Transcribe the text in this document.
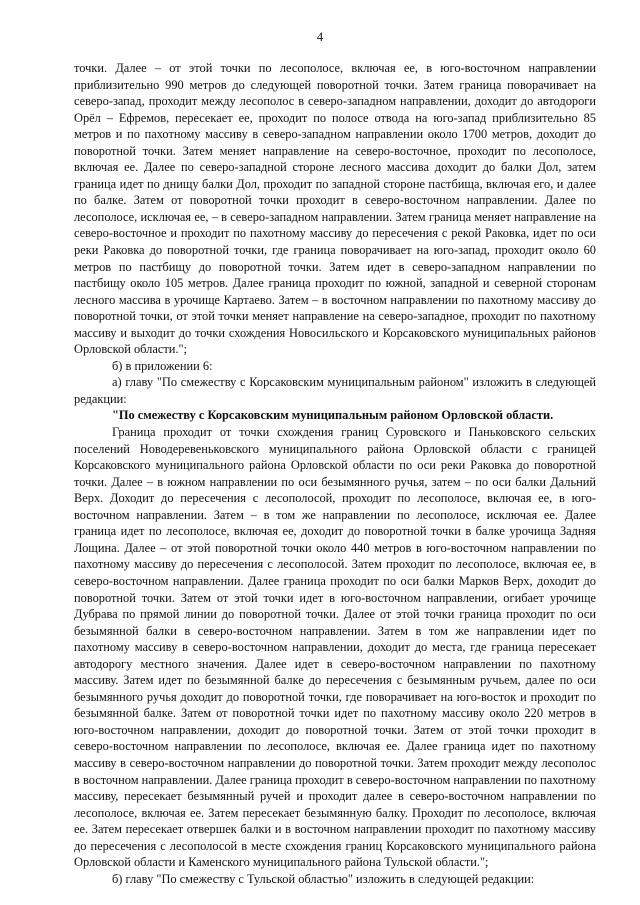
4

точки. Далее – от этой точки по лесополосе, включая ее, в юго-восточном направлении приблизительно 990 метров до следующей поворотной точки. Затем граница поворачивает на северо-запад, проходит между лесополос в северо-западном направлении, доходит до автодороги Орёл – Ефремов, пересекает ее, проходит по полосе отвода на юго-запад приблизительно 85 метров и по пахотному массиву в северо-западном направлении около 1700 метров, доходит до поворотной точки. Затем меняет направление на северо-восточное, проходит по лесополосе, включая ее. Далее по северо-западной стороне лесного массива доходит до балки Дол, затем граница идет по днищу балки Дол, проходит по западной стороне пастбища, включая его, и далее по балке. Затем от поворотной точки проходит в северо-восточном направлении. Далее по лесополосе, исключая ее, – в северо-западном направлении. Затем граница меняет направление на северо-восточное и проходит по пахотному массиву до пересечения с рекой Раковка, идет по оси реки Раковка до поворотной точки, где граница поворачивает на юго-запад, проходит около 60 метров по пастбищу до поворотной точки. Затем идет в северо-западном направлении по пастбищу около 105 метров. Далее граница проходит по южной, западной и северной сторонам лесного массива в урочище Картаево. Затем – в восточном направлении по пахотному массиву до поворотной точки, от этой точки меняет направление на северо-западное, проходит по пахотному массиву и выходит до точки схождения Новосильского и Корсаковского муниципальных районов Орловской области.";

б) в приложении 6:

а) главу "По смежеству с Корсаковским муниципальным районом" изложить в следующей редакции:

"По смежеству с Корсаковским муниципальным районом Орловской области.

Граница проходит от точки схождения границ Суровского и Паньковского сельских поселений Новодеревеньковского муниципального района Орловской области с границей Корсаковского муниципального района Орловской области по оси реки Раковка до поворотной точки. Далее – в южном направлении по оси безымянного ручья, затем – по оси балки Дальний Верх. Доходит до пересечения с лесополосой, проходит по лесополосе, включая ее, в юго-восточном направлении. Затем – в том же направлении по лесополосе, исключая ее. Далее граница идет по лесополосе, включая ее, доходит до поворотной точки в балке урочища Задняя Лощина. Далее – от этой поворотной точки около 440 метров в юго-восточном направлении по пахотному массиву до пересечения с лесополосой. Затем проходит по лесополосе, включая ее, в северо-восточном направлении. Далее граница проходит по оси балки Марков Верх, доходит до поворотной точки. Затем от этой точки идет в юго-восточном направлении, огибает урочище Дубрава по прямой линии до поворотной точки. Далее от этой точки граница проходит по оси безымянной балки в северо-восточном направлении. Затем в том же направлении идет по пахотному массиву в северо-восточном направлении, доходит до места, где граница пересекает автодорогу местного значения. Далее идет в северо-восточном направлении по пахотному массиву. Затем идет по безымянной балке до пересечения с безымянным ручьем, далее по оси безымянного ручья доходит до поворотной точки, где поворачивает на юго-восток и проходит по безымянной балке. Затем от поворотной точки идет по пахотному массиву около 220 метров в юго-восточном направлении, доходит до поворотной точки. Затем от этой точки проходит в северо-восточном направлении по лесополосе, включая ее. Далее граница идет по пахотному массиву в северо-восточном направлении до поворотной точки. Затем проходит между лесополос в восточном направлении. Далее граница проходит в северо-восточном направлении по пахотному массиву, пересекает безымянный ручей и проходит далее в северо-восточном направлении по лесополосе, включая ее. Затем пересекает безымянную балку. Проходит по лесополосе, включая ее. Затем пересекает отвершек балки и в восточном направлении проходит по пахотному массиву до пересечения с лесополосой в месте схождения границ Корсаковского муниципального района Орловской области и Каменского муниципального района Тульской области.";

б) главу "По смежеству с Тульской областью" изложить в следующей редакции:
